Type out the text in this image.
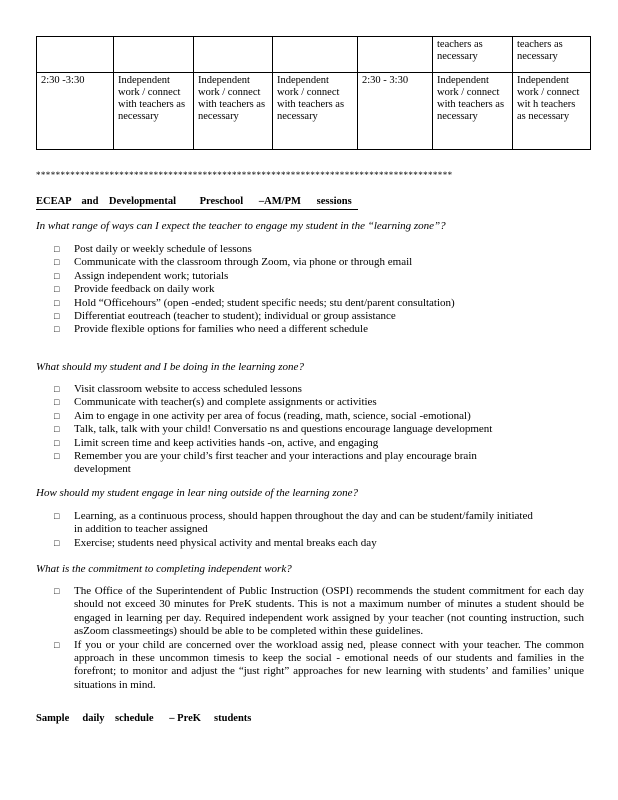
					teachers as necessary	teachers as necessary
2:30 -3:30	Independent work / connect with teachers as necessary	Independent work / connect with teachers as necessary	Independent work / connect with teachers as necessary	2:30 - 3:30	Independent work / connect with teachers as necessary	Independent work / connect wit h teachers as necessary
*************************************************************************************
ECEAP    and    Developmental         Preschool      –AM/PM      sessions
In what range of ways can I expect the teacher to engage my student in the “learning zone”?
□ Post daily or weekly schedule of lessons
□ Communicate with the classroom through Zoom, via phone or through email
□ Assign independent work; tutorials
□ Provide feedback on daily work
□ Hold “Officehours” (open -ended; student specific needs; stu dent/parent consultation)
□ Differentiat eoutreach (teacher to student); individual or group assistance
□ Provide flexible options for families who need a different schedule
What should my student and I be doing in the learning zone?
□ Visit classroom website to access scheduled lessons
□ Communicate with teacher(s) and complete assignments or activities
□ Aim to engage in one activity per area of focus (reading, math, science, social -emotional)
□ Talk, talk, talk with your child! Conversatio ns and questions encourage language development
□ Limit screen time and keep activities hands -on, active, and engaging
□ Remember you are your child’s first teacher and your interactions and play encourage brain development
How should my student engage in lear ning outside of the learning zone?
□ Learning, as a continuous process, should happen throughout the day and can be student/family initiated in addition to teacher assigned
□ Exercise; students need physical activity and mental breaks each day
What is the commitment to completing independent work?
□ The Office of the Superintendent of Public Instruction (OSPI) recommends the student commitment for each day should not exceed 30 minutes for PreK students. This is not a maximum number of minutes a student should be engaged in learning per day. Required independent work assigned by your teacher (not counting instruction, such asZoom classmeetings) should be able to be completed within these guidelines.
□ If you or your child are concerned over the workload assig ned, please connect with your teacher. The common approach in these uncommon timesis to keep the social - emotional needs of our students and families in the forefront; to monitor and adjust the “just right” approaches for new learning with students’ and families’ unique situations in mind.
Sample     daily    schedule      – PreK     students
